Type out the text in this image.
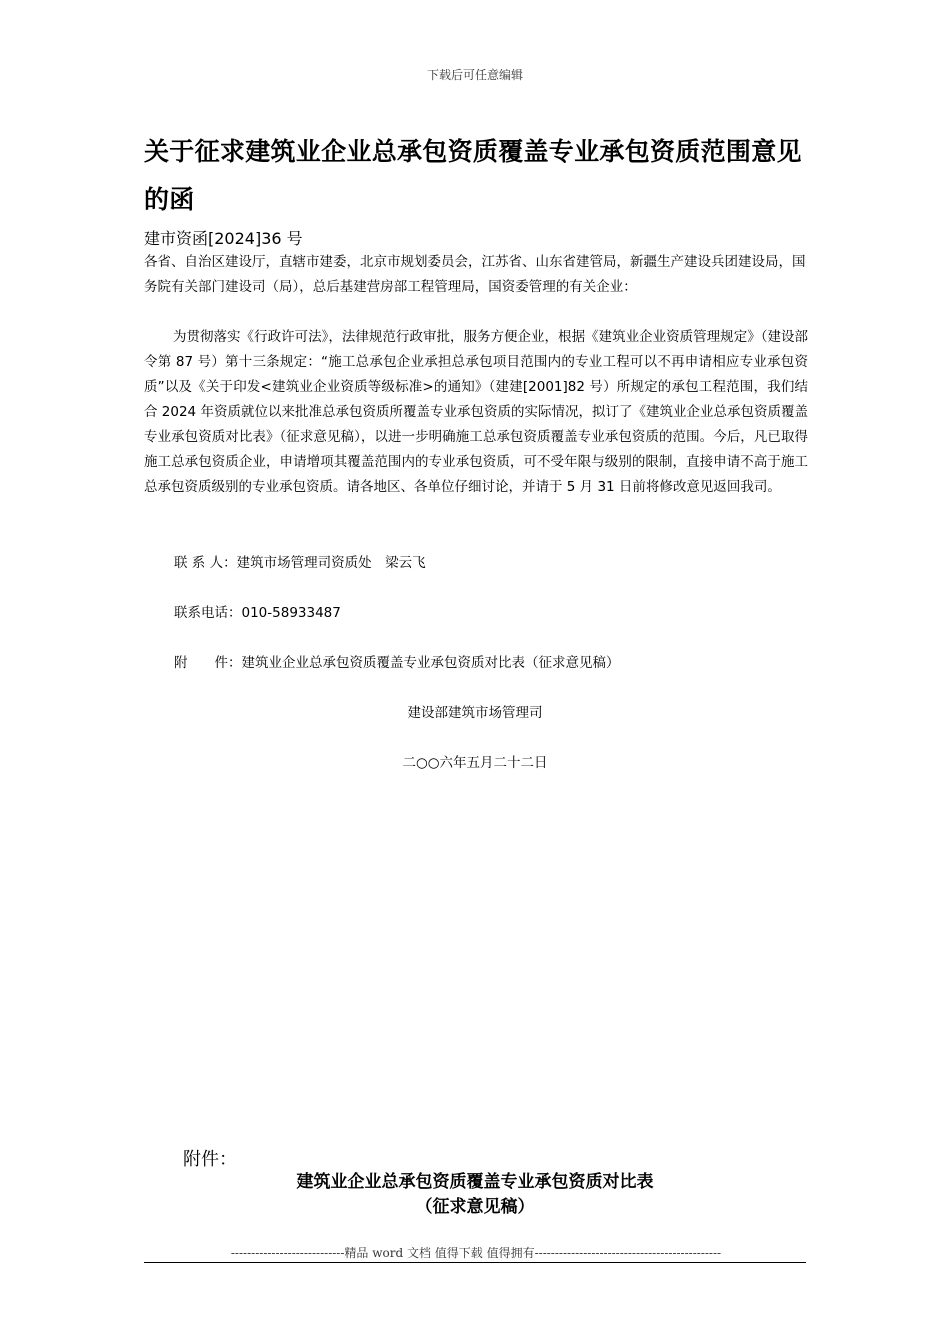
下载后可任意编辑
关于征求建筑业企业总承包资质覆盖专业承包资质范围意见的函
建市资函[2024]36 号
各省、自治区建设厅，直辖市建委，北京市规划委员会，江苏省、山东省建管局，新疆生产建设兵团建设局，国务院有关部门建设司（局），总后基建营房部工程管理局，国资委管理的有关企业：
为贯彻落实《行政许可法》，法律规范行政审批，服务方便企业，根据《建筑业企业资质管理规定》（建设部令第 87 号）第十三条规定：“施工总承包企业承担总承包项目范围内的专业工程可以不再申请相应专业承包资质”以及《关于印发<建筑业企业资质等级标准>的通知》（建建[2001]82 号）所规定的承包工程范围，我们结合 2024 年资质就位以来批准总承包资质所覆盖专业承包资质的实际情况，拟订了《建筑业企业总承包资质覆盖专业承包资质对比表》（征求意见稿），以进一步明确施工总承包资质覆盖专业承包资质的范围。今后，凡已取得施工总承包资质企业，申请增项其覆盖范围内的专业承包资质，可不受年限与级别的限制，直接申请不高于施工总承包资质级别的专业承包资质。请各地区、各单位仔细讨论，并请于 5 月 31 日前将修改意见返回我司。
联 系 人：建筑市场管理司资质处　梁云飞
联系电话：010-58933487
附　　件：建筑业企业总承包资质覆盖专业承包资质对比表（征求意见稿）
建设部建筑市场管理司
二○○六年五月二十二日
附件：
建筑业企业总承包资质覆盖专业承包资质对比表
（征求意见稿）
----------------------------精品 word 文档 值得下载 值得拥有----------------------------------------------
